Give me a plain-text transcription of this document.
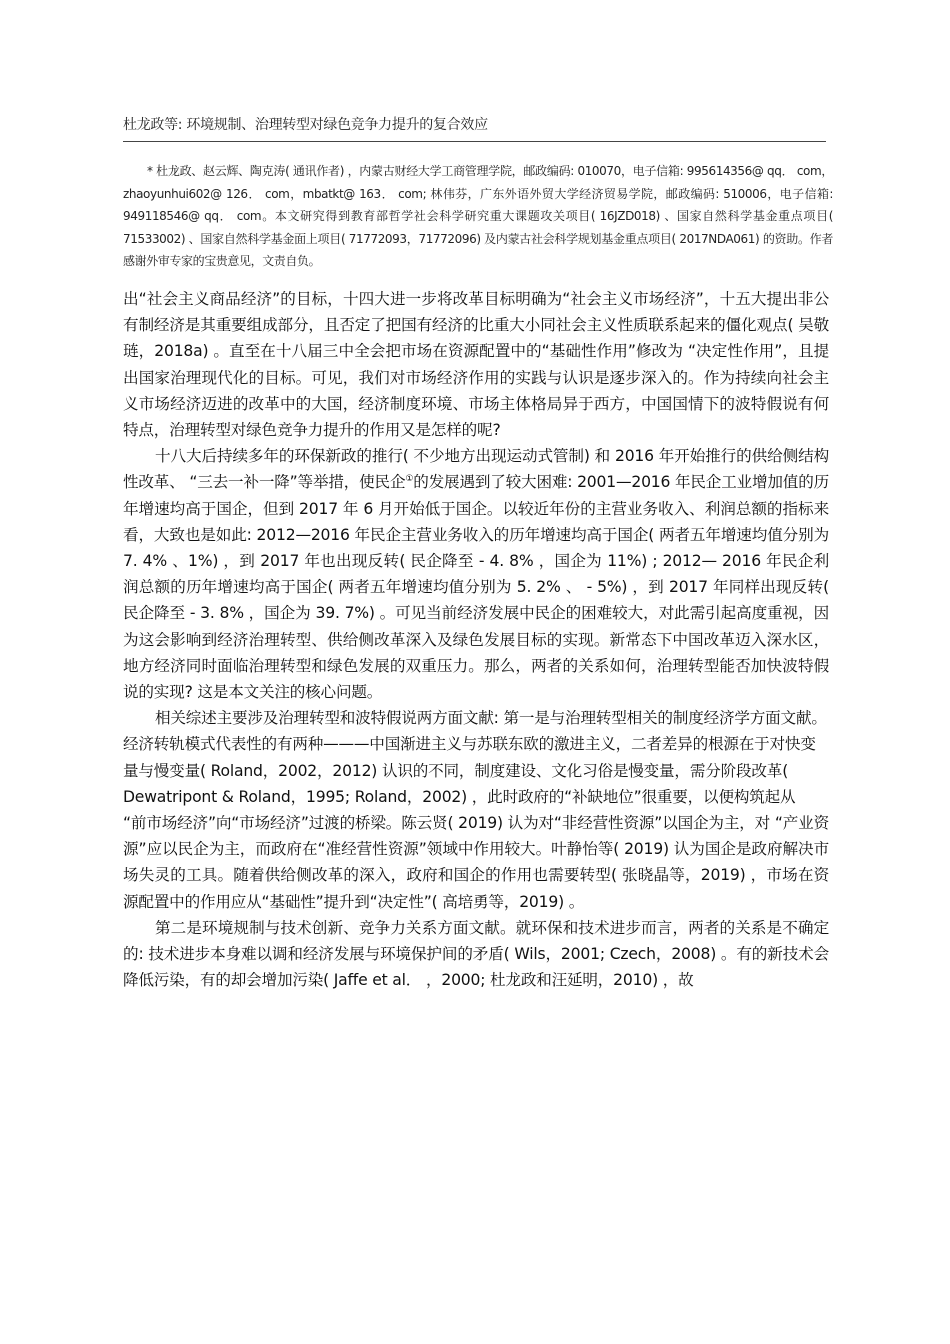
杜龙政等: 环境规制、治理转型对绿色竞争力提升的复合效应

* 杜龙政、赵云辉、陶克涛( 通讯作者) ，内蒙古财经大学工商管理学院，邮政编码: 010070，电子信箱: 995614356@ qq． com， zhaoyunhui602@ 126． com，mbatkt@ 163． com; 林伟芬，广东外语外贸大学经济贸易学院，邮政编码: 510006，电子信箱: 949118546@ qq． com。本文研究得到教育部哲学社会科学研究重大课题攻关项目( 16JZD018) 、国家自然科学基金重点项目( 71533002) 、国家自然科学基金面上项目( 71772093，71772096) 及内蒙古社会科学规划基金重点项目( 2017NDA061) 的资助。作者感谢外审专家的宝贵意见，文责自负。

出“社会主义商品经济”的目标，十四大进一步将改革目标明确为“社会主义市场经济”，十五大提出非公有制经济是其重要组成部分，且否定了把国有经济的比重大小同社会主义性质联系起来的僵化观点( 吴敬琏，2018a) 。直至在十八届三中全会把市场在资源配置中的“基础性作用”修改为 “决定性作用”，且提出国家治理现代化的目标。可见，我们对市场经济作用的实践与认识是逐步深入的。作为持续向社会主义市场经济迈进的改革中的大国，经济制度环境、市场主体格局异于西方，中国国情下的波特假说有何特点，治理转型对绿色竞争力提升的作用又是怎样的呢?

十八大后持续多年的环保新政的推行( 不少地方出现运动式管制) 和 2016 年开始推行的供给侧结构性改革、 “三去一补一降”等举措，使民企①的发展遇到了较大困难: 2001—2016 年民企工业增加值的历年增速均高于国企，但到 2017 年 6 月开始低于国企。以较近年份的主营业务收入、利润总额的指标来看，大致也是如此: 2012—2016 年民企主营业务收入的历年增速均高于国企( 两者五年增速均值分别为 7. 4% 、1%) ，到 2017 年也出现反转( 民企降至 - 4. 8% ，国企为 11%) ; 2012— 2016 年民企利润总额的历年增速均高于国企( 两者五年增速均值分别为 5. 2% 、 - 5%) ，到 2017 年同样出现反转( 民企降至 - 3. 8% ，国企为 39. 7%) 。可见当前经济发展中民企的困难较大，对此需引起高度重视，因为这会影响到经济治理转型、供给侧改革深入及绿色发展目标的实现。新常态下中国改革迈入深水区，地方经济同时面临治理转型和绿色发展的双重压力。那么，两者的关系如何，治理转型能否加快波特假说的实现? 这是本文关注的核心问题。

相关综述主要涉及治理转型和波特假说两方面文献: 第一是与治理转型相关的制度经济学方面文献。经济转轨模式代表性的有两种———中国渐进主义与苏联东欧的激进主义，二者差异的根源在于对快变量与慢变量( Roland，2002，2012) 认识的不同，制度建设、文化习俗是慢变量，需分阶段改革( Dewatripont & Roland，1995; Roland，2002) ，此时政府的“补缺地位”很重要，以便构筑起从

“前市场经济”向“市场经济”过渡的桥梁。陈云贤( 2019) 认为对“非经营性资源”以国企为主，对 “产业资源”应以民企为主，而政府在“准经营性资源”领域中作用较大。叶静怡等( 2019) 认为国企是政府解决市场失灵的工具。随着供给侧改革的深入，政府和国企的作用也需要转型( 张晓晶等，2019) ，市场在资源配置中的作用应从“基础性”提升到“决定性”( 高培勇等，2019) 。

第二是环境规制与技术创新、竞争力关系方面文献。就环保和技术进步而言，两者的关系是不确定的: 技术进步本身难以调和经济发展与环境保护间的矛盾( Wils，2001; Czech，2008) 。有的新技术会降低污染，有的却会增加污染( Jaffe et al． ，2000; 杜龙政和汪延明，2010) ，故
